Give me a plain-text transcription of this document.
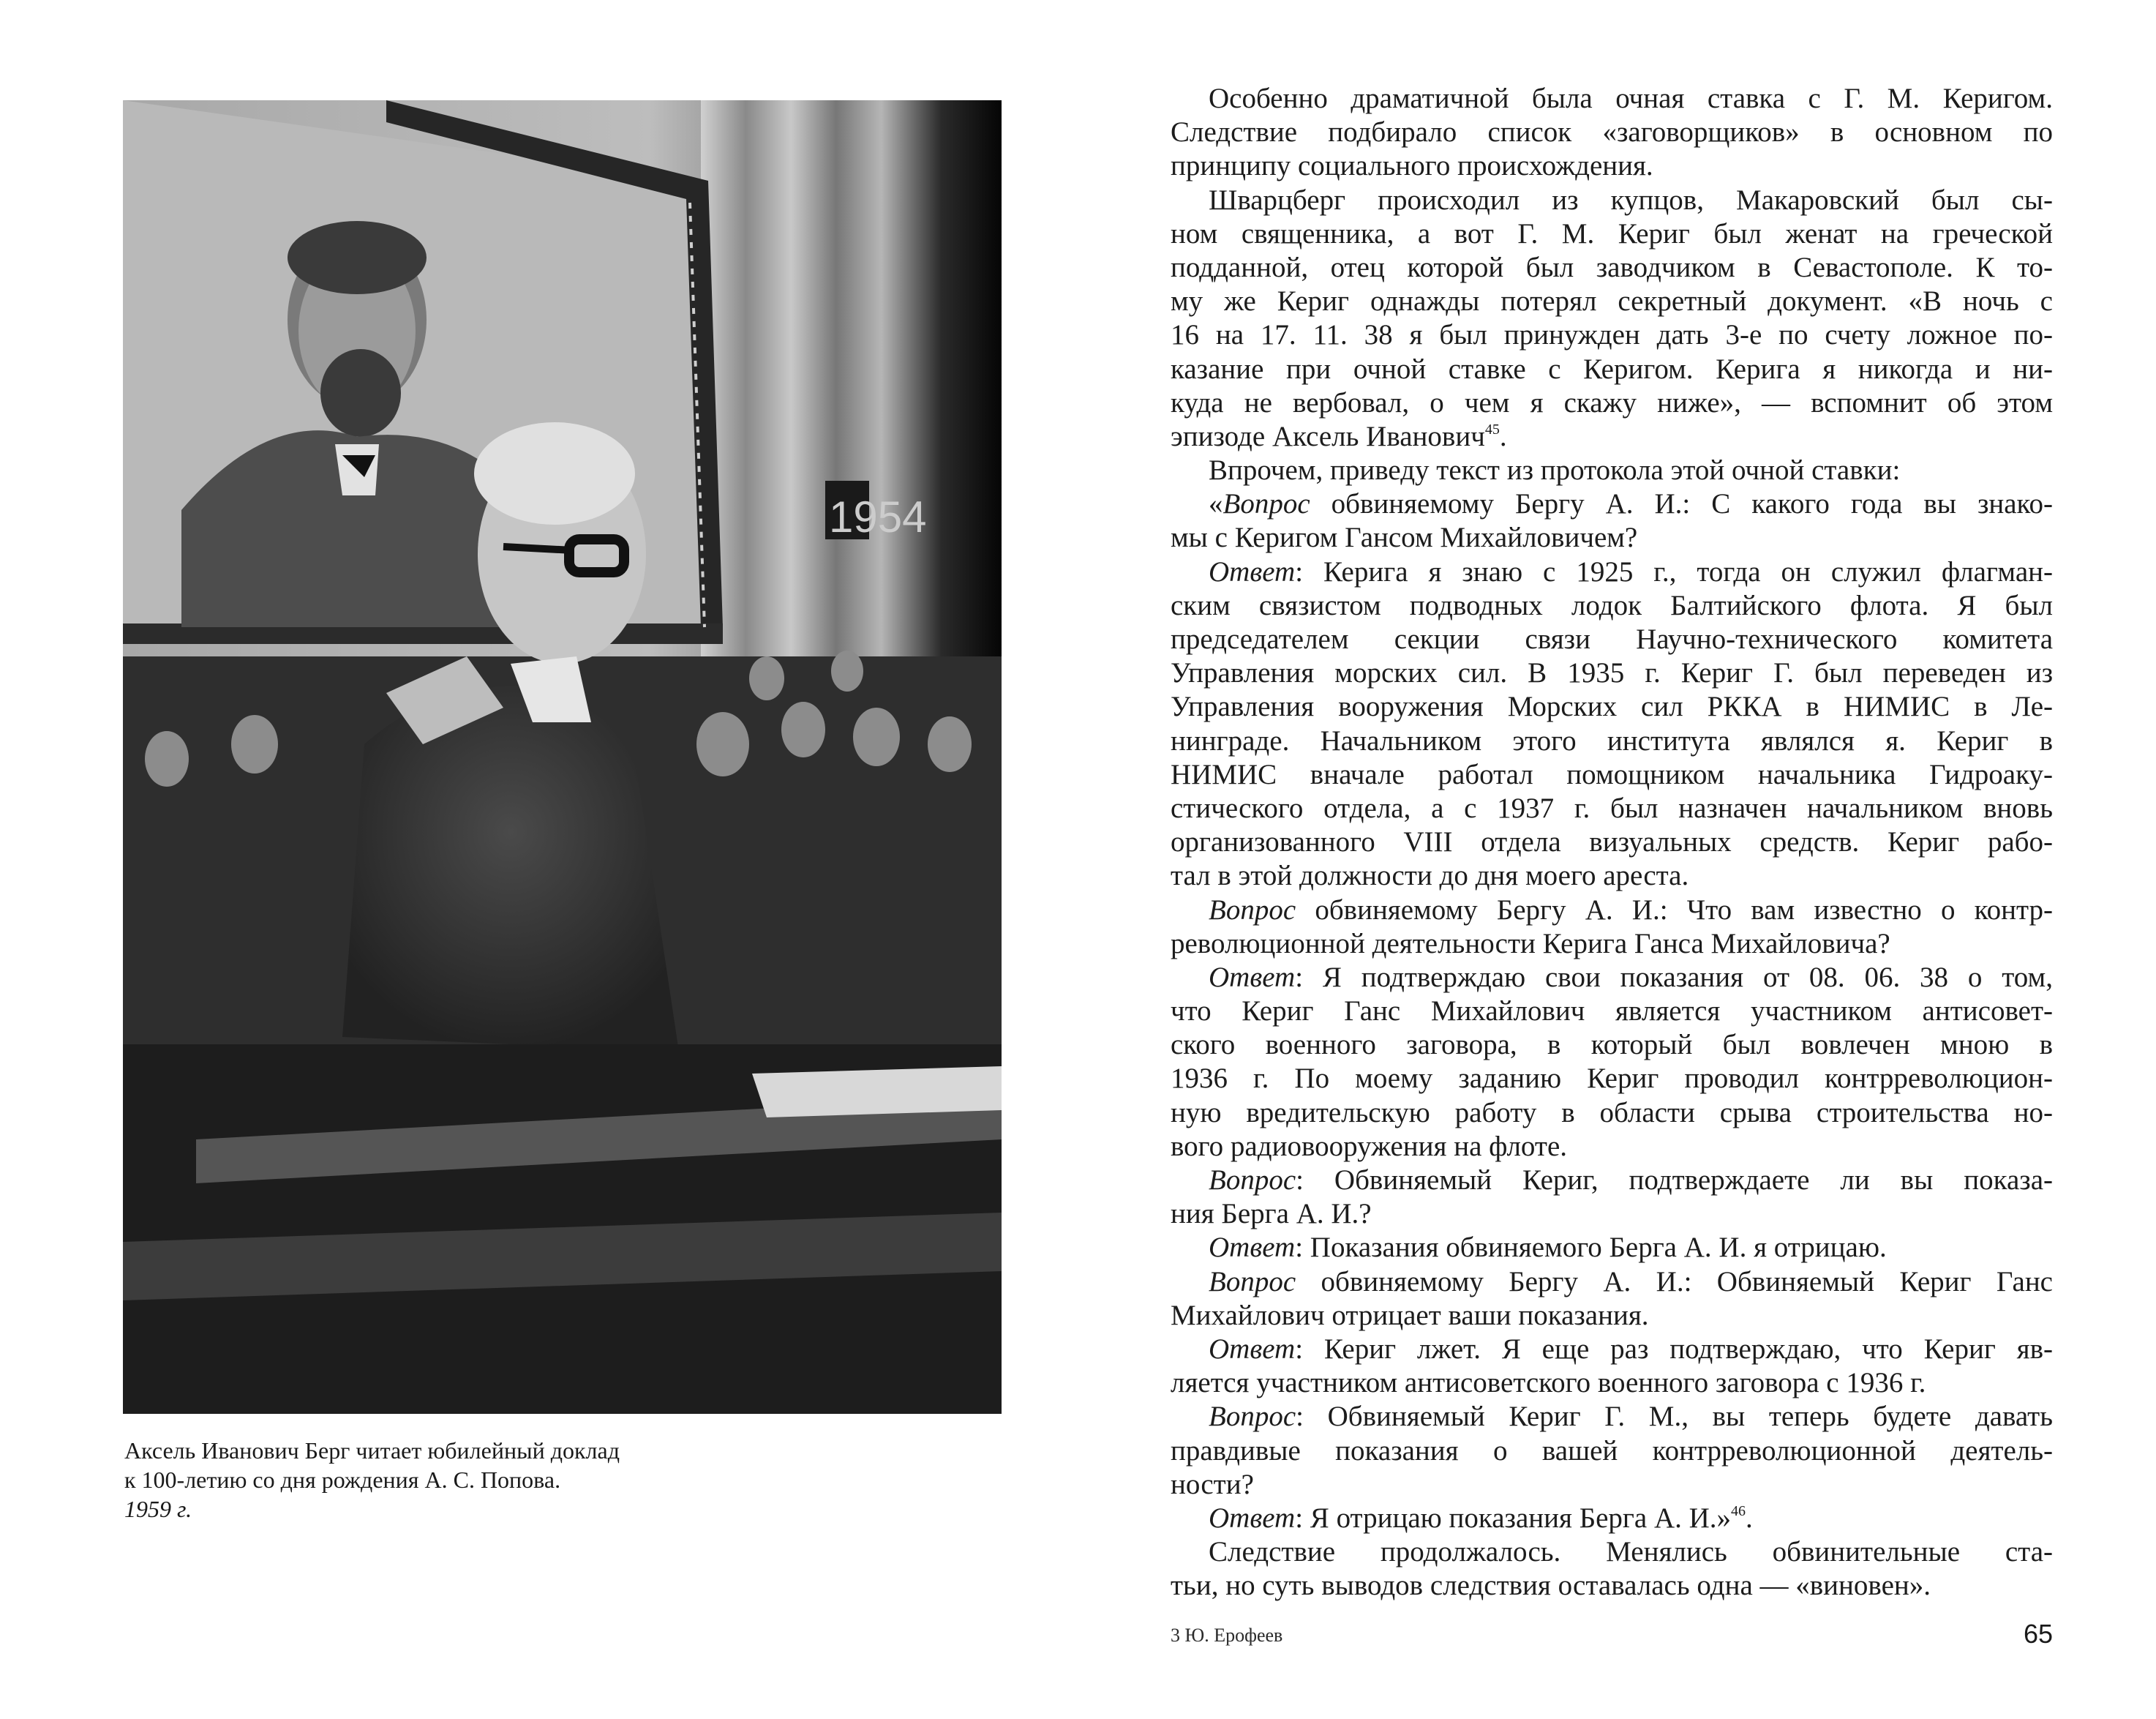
1954
Аксель Иванович Берг читает юбилейный доклад
к 100-летию со дня рождения А. С. Попова.
1959 г.
Особенно драматичной была очная ставка с Г. М. Керигом.
Следствие подбирало список «заговорщиков» в основном по
принципу социального происхождения.
Шварцберг происходил из купцов, Макаровский был сы-
ном священника, а вот Г. М. Кериг был женат на греческой
подданной, отец которой был заводчиком в Севастополе. К то-
му же Кериг однажды потерял секретный документ. «В ночь с
16 на 17. 11. 38 я был принужден дать 3-е по счету ложное по-
казание при очной ставке с Керигом. Керига я никогда и ни-
куда не вербовал, о чем я скажу ниже», — вспомнит об этом
эпизоде Аксель Иванович$^{45}$.
Впрочем, приведу текст из протокола этой очной ставки:
«Вопрос обвиняемому Бергу А. И.: С какого года вы знако-
мы с Керигом Гансом Михайловичем?
Ответ: Керига я знаю с 1925 г., тогда он служил флагман-
ским связистом подводных лодок Балтийского флота. Я был
председателем секции связи Научно-технического комитета
Управления морских сил. В 1935 г. Кериг Г. был переведен из
Управления вооружения Морских сил РККА в НИМИС в Ле-
нинграде. Начальником этого института являлся я. Кериг в
НИМИС вначале работал помощником начальника Гидроаку-
стического отдела, а с 1937 г. был назначен начальником вновь
организованного VIII отдела визуальных средств. Кериг рабо-
тал в этой должности до дня моего ареста.
Вопрос обвиняемому Бергу А. И.: Что вам известно о контр-
революционной деятельности Керига Ганса Михайловича?
Ответ: Я подтверждаю свои показания от 08. 06. 38 о том,
что Кериг Ганс Михайлович является участником антисовет-
ского военного заговора, в который был вовлечен мною в
1936 г. По моему заданию Кериг проводил контрреволюцион-
ную вредительскую работу в области срыва строительства но-
вого радиовооружения на флоте.
Вопрос: Обвиняемый Кериг, подтверждаете ли вы показа-
ния Берга А. И.?
Ответ: Показания обвиняемого Берга А. И. я отрицаю.
Вопрос обвиняемому Бергу А. И.: Обвиняемый Кериг Ганс
Михайлович отрицает ваши показания.
Ответ: Кериг лжет. Я еще раз подтверждаю, что Кериг яв-
ляется участником антисоветского военного заговора с 1936 г.
Вопрос: Обвиняемый Кериг Г. М., вы теперь будете давать
правдивые показания о вашей контрреволюционной деятель-
ности?
Ответ: Я отрицаю показания Берга А. И.»$^{46}$.
Следствие продолжалось. Менялись обвинительные ста-
тьи, но суть выводов следствия оставалась одна — «виновен».
3 Ю. Ерофеев	65
